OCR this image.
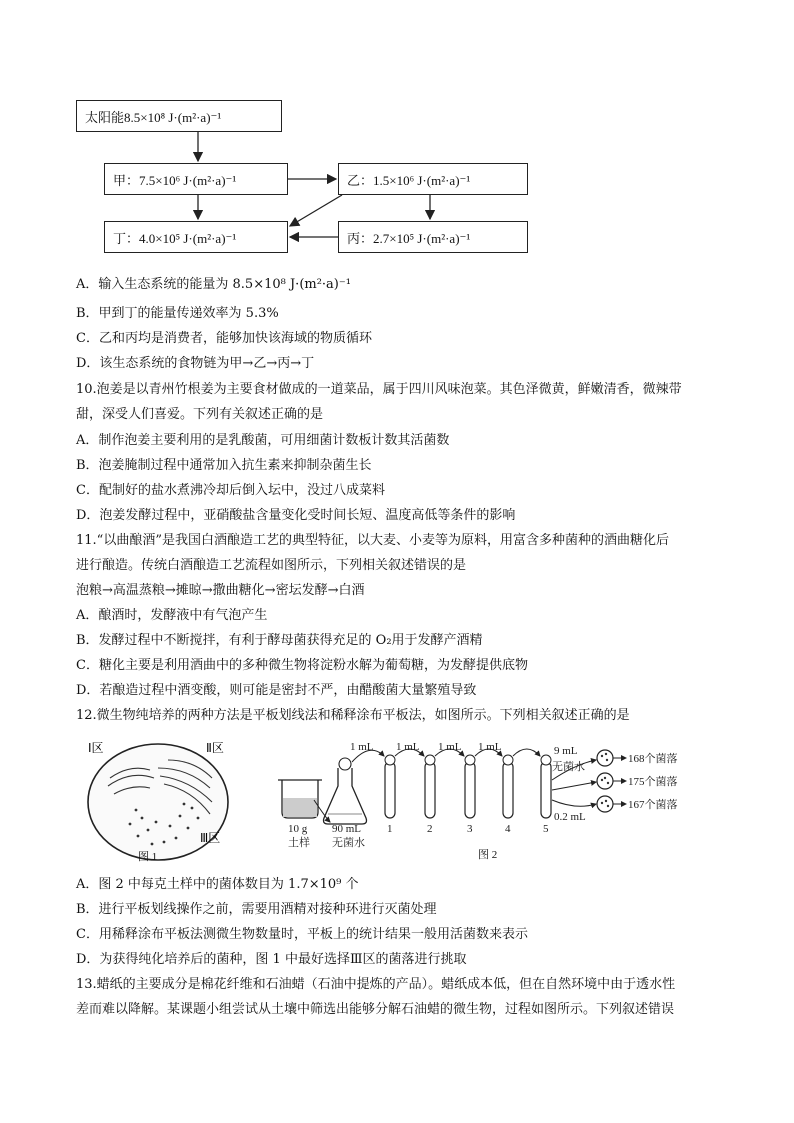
太阳能8.5×10⁸ J·(m²·a)⁻¹
甲：7.5×10⁶ J·(m²·a)⁻¹	乙：1.5×10⁶ J·(m²·a)⁻¹
丁：4.0×10⁵ J·(m²·a)⁻¹	丙：2.7×10⁵ J·(m²·a)⁻¹
A．输入生态系统的能量为 8.5×10⁸ J·(m²·a)⁻¹
B．甲到丁的能量传递效率为 5.3%
C．乙和丙均是消费者，能够加快该海域的物质循环
D．该生态系统的食物链为甲→乙→丙→丁
10.泡姜是以青州竹根姜为主要食材做成的一道菜品，属于四川风味泡菜。其色泽微黄，鲜嫩清香，微辣带
甜，深受人们喜爱。下列有关叙述正确的是
A．制作泡姜主要利用的是乳酸菌，可用细菌计数板计数其活菌数
B．泡姜腌制过程中通常加入抗生素来抑制杂菌生长
C．配制好的盐水煮沸冷却后倒入坛中，没过八成菜料
D．泡姜发酵过程中，亚硝酸盐含量变化受时间长短、温度高低等条件的影响
11.“以曲酿酒”是我国白酒酿造工艺的典型特征，以大麦、小麦等为原料，用富含多种菌种的酒曲糖化后
进行酿造。传统白酒酿造工艺流程如图所示，下列相关叙述错误的是
泡粮→高温蒸粮→摊晾→撒曲糖化→密坛发酵→白酒
A．酿酒时，发酵液中有气泡产生
B．发酵过程中不断搅拌，有利于酵母菌获得充足的 O₂用于发酵产酒精
C．糖化主要是利用酒曲中的多种微生物将淀粉水解为葡萄糖，为发酵提供底物
D．若酿造过程中酒变酸，则可能是密封不严，由醋酸菌大量繁殖导致
12.微生物纯培养的两种方法是平板划线法和稀释涂布平板法，如图所示。下列相关叙述正确的是
Ⅰ区	Ⅱ区
Ⅲ区
图 1
1 mL 1 mL 1 mL 1 mL	9 mL
无菌水
168个菌落
175个菌落
167个菌落
0.2 mL
1	2	3	4	5
10 g
土样
90 mL
无菌水
图 2
A．图 2 中每克土样中的菌体数目为 1.7×10⁹ 个
B．进行平板划线操作之前，需要用酒精对接种环进行灭菌处理
C．用稀释涂布平板法测微生物数量时，平板上的统计结果一般用活菌数来表示
D．为获得纯化培养后的菌种，图 1 中最好选择Ⅲ区的菌落进行挑取
13.蜡纸的主要成分是棉花纤维和石油蜡（石油中提炼的产品）。蜡纸成本低，但在自然环境中由于透水性
差而难以降解。某课题小组尝试从土壤中筛选出能够分解石油蜡的微生物，过程如图所示。下列叙述错误
